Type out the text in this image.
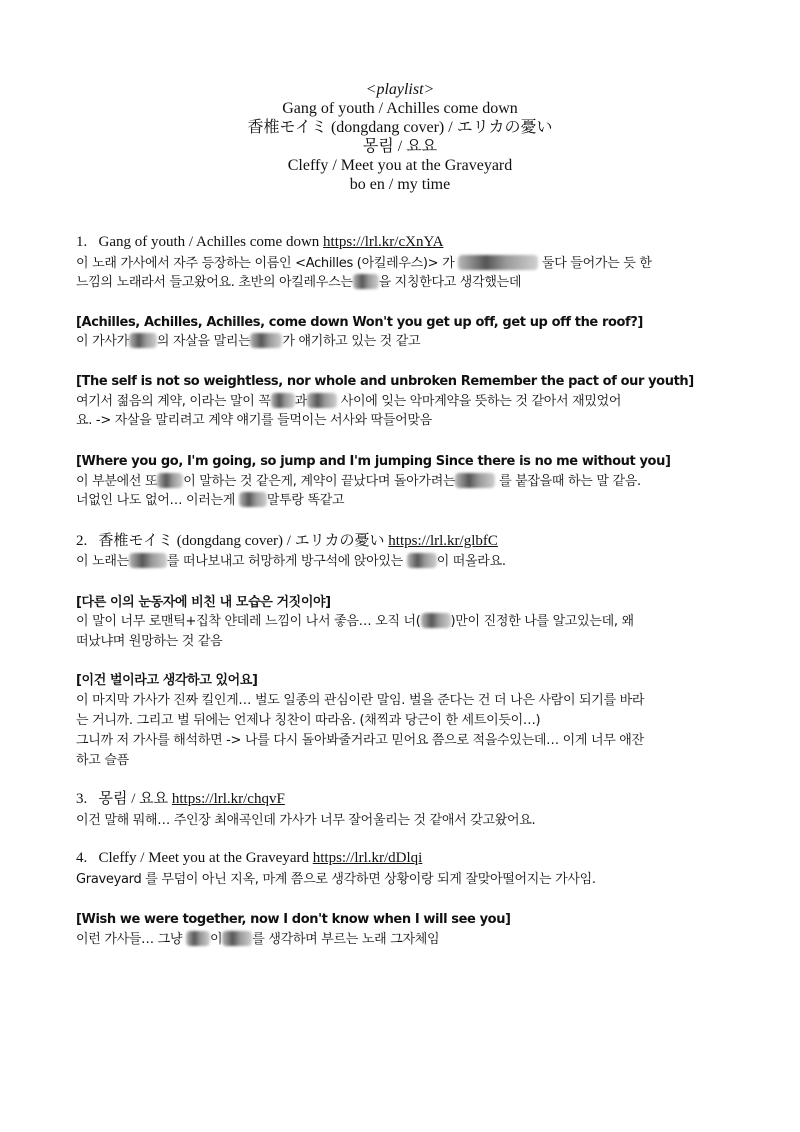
<playlist>
Gang of youth / Achilles come down
香椎モイミ (dongdang cover) / エリカの憂い
몽림 / 요요
Cleffy / Meet you at the Graveyard
bo en / my time
1. Gang of youth / Achilles come down https://lrl.kr/cXnYA
이 노래 가사에서 자주 등장하는 이름인 <Achilles (아킬레우스)> 가	둘다 들어가는 듯 한
느낌의 노래라서 들고왔어요. 초반의 아킬레우스는 을 지칭한다고 생각했는데
[Achilles, Achilles, Achilles, come down Won't you get up off, get up off the roof?]
이 가사가 의 자살을 말리는 가 얘기하고 있는 것 같고
[The self is not so weightless, nor whole and unbroken Remember the pact of our youth]
여기서 젊음의 계약, 이라는 말이 꼭 과	사이에 잊는 악마계약을 뜻하는 것 같아서 재밌었어
요. -> 자살을 말리려고 계약 얘기를 들먹이는 서사와 딱들어맞음
[Where you go, I'm going, so jump and I'm jumping Since there is no me without you]
이 부분에선 또 이 말하는 것 같은게, 계약이 끝났다며 돌아가려는	를 붙잡을때 하는 말 같음.
너없인 나도 없어… 이러는게 말투랑 똑같고
2. 香椎モイミ (dongdang cover) / エリカの憂い https://lrl.kr/glbfC
이 노래는	를 떠나보내고 허망하게 방구석에 앉아있는	이 떠올라요.
[다른 이의 눈동자에 비친 내 모습은 거짓이야]
이 말이 너무 로맨틱+집착 얀데레 느낌이 나서 좋음… 오직 너( )만이 진정한 나를 알고있는데, 왜
떠났냐며 원망하는 것 같음
[이건 벌이라고 생각하고 있어요]
이 마지막 가사가 진짜 킬인게… 벌도 일종의 관심이란 말임. 벌을 준다는 건 더 나은 사람이 되기를 바라
는 거니까. 그리고 벌 뒤에는 언제나 칭찬이 따라옴. (채찍과 당근이 한 세트이듯이…)
그니까 저 가사를 해석하면 -> 나를 다시 돌아봐줄거라고 믿어요 쯤으로 적을수있는데… 이게 너무 애잔
하고 슬픔
3. 몽림 / 요요 https://lrl.kr/chqvF
이건 말해 뭐해… 주인장 최애곡인데 가사가 너무 잘어울리는 것 같애서 갖고왔어요.
4. Cleffy / Meet you at the Graveyard https://lrl.kr/dDlqi
Graveyard 를 무덤이 아닌 지옥, 마계 쯤으로 생각하면 상황이랑 되게 잘맞아떨어지는 가사임.
[Wish we were together, now I don't know when I will see you]
이런 가사들… 그냥 이 를 생각하며 부르는 노래 그자체임
